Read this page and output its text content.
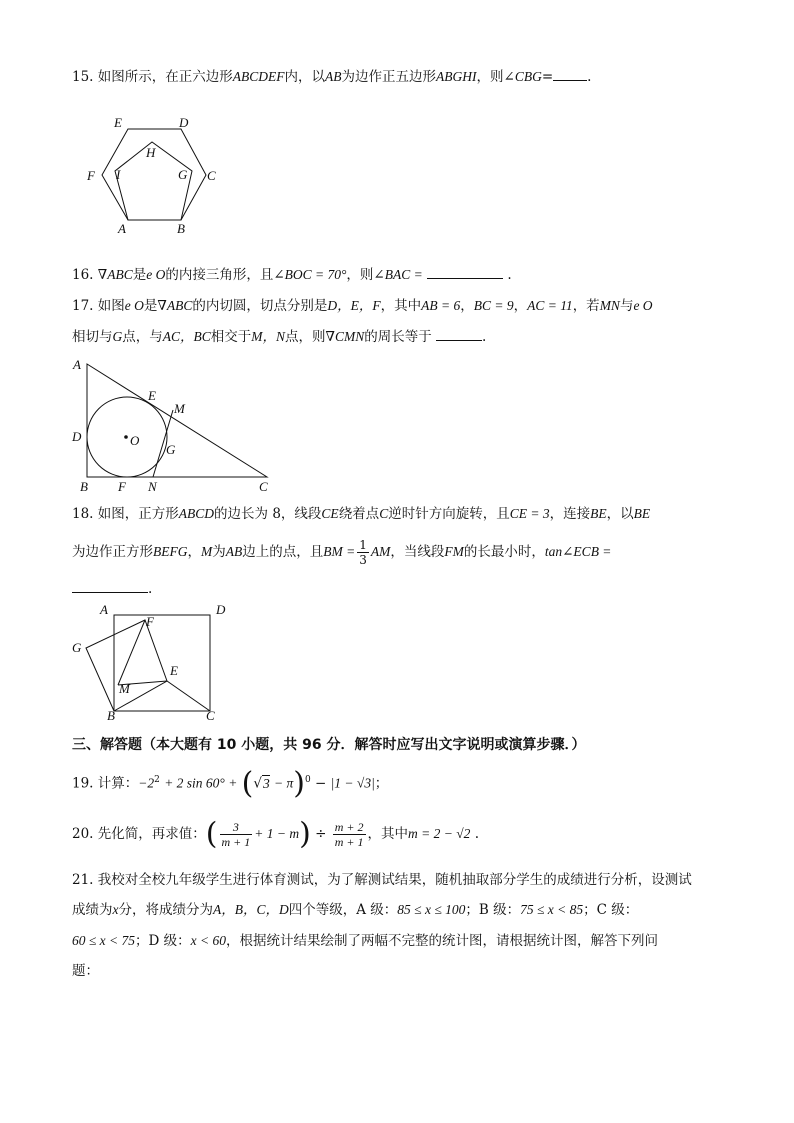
15. 如图所示，在正六边形ABCDEF内，以AB为边作正五边形ABGHI，则∠CBG=	.
E	D
H
F I	G C
A	B
16. ∇ABC是e O的内接三角形，且∠BOC = 70°，则∠BAC =	.
17. 如图e O是∇ABC的内切圆，切点分别是D，E，F，其中AB = 6，BC = 9，AC = 11，若MN与e O
相切与G点，与AC，BC相交于M，N点，则∇CMN的周长等于	.
A
E
M
D	O
G
B F N	C
18. 如图，正方形ABCD的边长为 8，线段CE绕着点C逆时针方向旋转，且CE = 3，连接BE，以BE
为边作正方形BEFG，M为AB边上的点，且BM = $\frac{1}{3}$ AM，当线段FM的长最小时，tan∠ECB =
.
A	D
F
G
E
M
B	C
三、解答题（本大题有 10 小题，共 96 分．解答时应写出文字说明或演算步骤．）
19. 计算：$-2^2 + 2$ $\sin 60^\circ + (√3 - \pi)^0 - |1 - √3|$；
20. 先化简，再求值：( $\frac{3}{m + 1} + 1 - m) \div \frac{m + 2}{m + 1}$ ，其中m = 2 − √2 .
21. 我校对全校九年级学生进行体育测试，为了解测试结果，随机抽取部分学生的成绩进行分析，设测试
成绩为x分，将成绩分为A，B，C，D四个等级，A 级：85 ≤ x ≤ 100；B 级：75 ≤ x < 85；C 级：
60 ≤ x < 75；D 级：x < 60，根据统计结果绘制了两幅不完整的统计图，请根据统计图，解答下列问
题：
